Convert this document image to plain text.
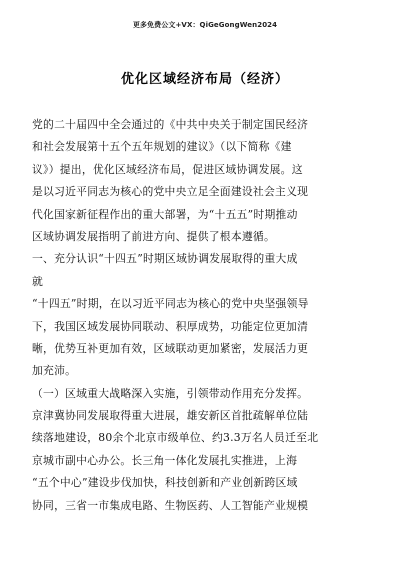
更多免费公文+VX：QiGeGongWen2024
优化区域经济布局（经济）
党的二十届四中全会通过的《中共中央关于制定国民经济
和社会发展第十五个五年规划的建议》（以下简称《建
议》）提出，优化区域经济布局，促进区域协调发展。这
是以习近平同志为核心的党中央立足全面建设社会主义现
代化国家新征程作出的重大部署，为“十五五”时期推动
区域协调发展指明了前进方向、提供了根本遵循。
一、充分认识“十四五”时期区域协调发展取得的重大成
就
“十四五”时期，在以习近平同志为核心的党中央坚强领导
下，我国区域发展协同联动、积厚成势，功能定位更加清
晰，优势互补更加有效，区域联动更加紧密，发展活力更
加充沛。
（一）区域重大战略深入实施，引领带动作用充分发挥。
京津冀协同发展取得重大进展，雄安新区首批疏解单位陆
续落地建设，80余个北京市级单位、约3.3万名人员迁至北
京城市副中心办公。长三角一体化发展扎实推进，上海
“五个中心”建设步伐加快，科技创新和产业创新跨区域
协同，三省一市集成电路、生物医药、人工智能产业规模
